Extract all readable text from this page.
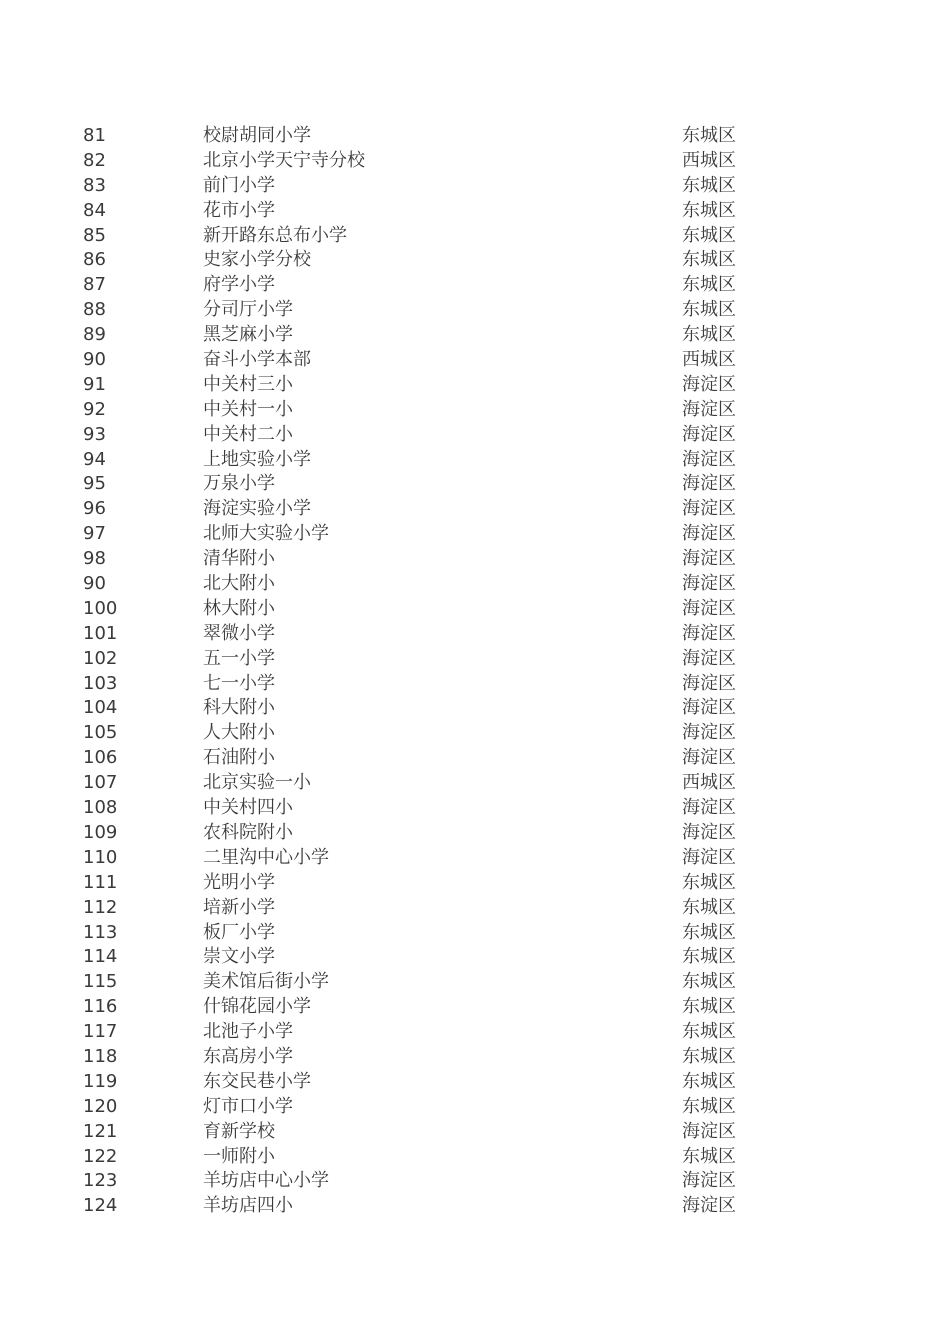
81	校尉胡同小学	东城区
82	北京小学天宁寺分校	西城区
83	前门小学	东城区
84	花市小学	东城区
85	新开路东总布小学	东城区
86	史家小学分校	东城区
87	府学小学	东城区
88	分司厅小学	东城区
89	黑芝麻小学	东城区
90	奋斗小学本部	西城区
91	中关村三小	海淀区
92	中关村一小	海淀区
93	中关村二小	海淀区
94	上地实验小学	海淀区
95	万泉小学	海淀区
96	海淀实验小学	海淀区
97	北师大实验小学	海淀区
98	清华附小	海淀区
90	北大附小	海淀区
100	林大附小	海淀区
101	翠微小学	海淀区
102	五一小学	海淀区
103	七一小学	海淀区
104	科大附小	海淀区
105	人大附小	海淀区
106	石油附小	海淀区
107	北京实验一小	西城区
108	中关村四小	海淀区
109	农科院附小	海淀区
110	二里沟中心小学	海淀区
111	光明小学	东城区
112	培新小学	东城区
113	板厂小学	东城区
114	崇文小学	东城区
115	美术馆后街小学	东城区
116	什锦花园小学	东城区
117	北池子小学	东城区
118	东高房小学	东城区
119	东交民巷小学	东城区
120	灯市口小学	东城区
121	育新学校	海淀区
122	一师附小	东城区
123	羊坊店中心小学	海淀区
124	羊坊店四小	海淀区
